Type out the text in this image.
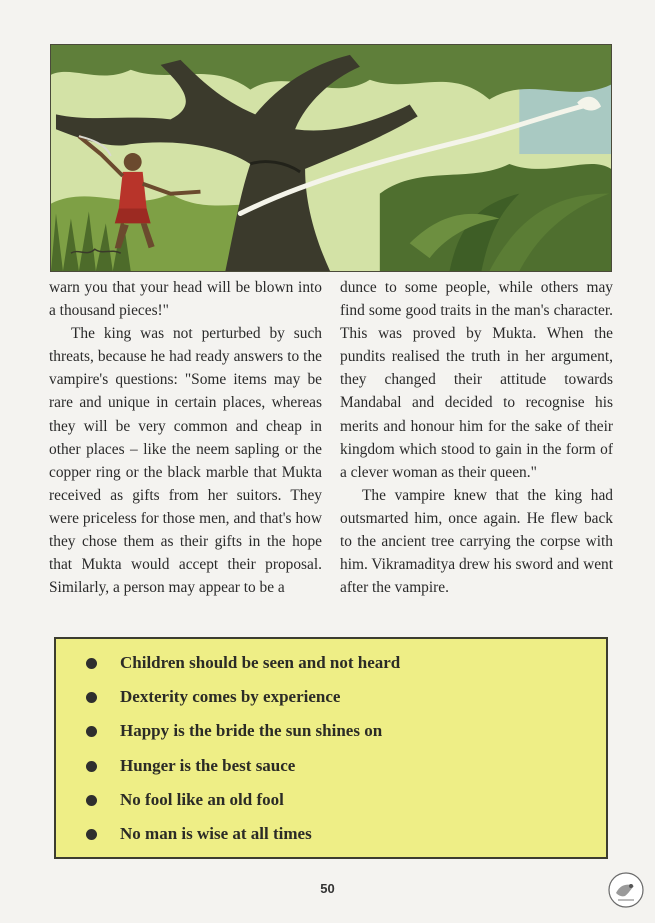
warn you that your head will be blown into a thousand pieces!"

The king was not perturbed by such threats, because he had ready answers to the vampire's questions: "Some items may be rare and unique in certain places, whereas they will be very common and cheap in other places – like the neem sapling or the copper ring or the black marble that Mukta received as gifts from her suitors. They were priceless for those men, and that's how they chose them as their gifts in the hope that Mukta would accept their proposal. Similarly, a person may appear to be a

dunce to some people, while others may find some good traits in the man's character. This was proved by Mukta. When the pundits realised the truth in her argument, they changed their attitude towards Mandabal and decided to recognise his merits and honour him for the sake of their kingdom which stood to gain in the form of a clever woman as their queen."

The vampire knew that the king had outsmarted him, once again. He flew back to the ancient tree carrying the corpse with him. Vikramaditya drew his sword and went after the vampire.

Children should be seen and not heard
Dexterity comes by experience
Happy is the bride the sun shines on
Hunger is the best sauce
No fool like an old fool
No man is wise at all times
50
